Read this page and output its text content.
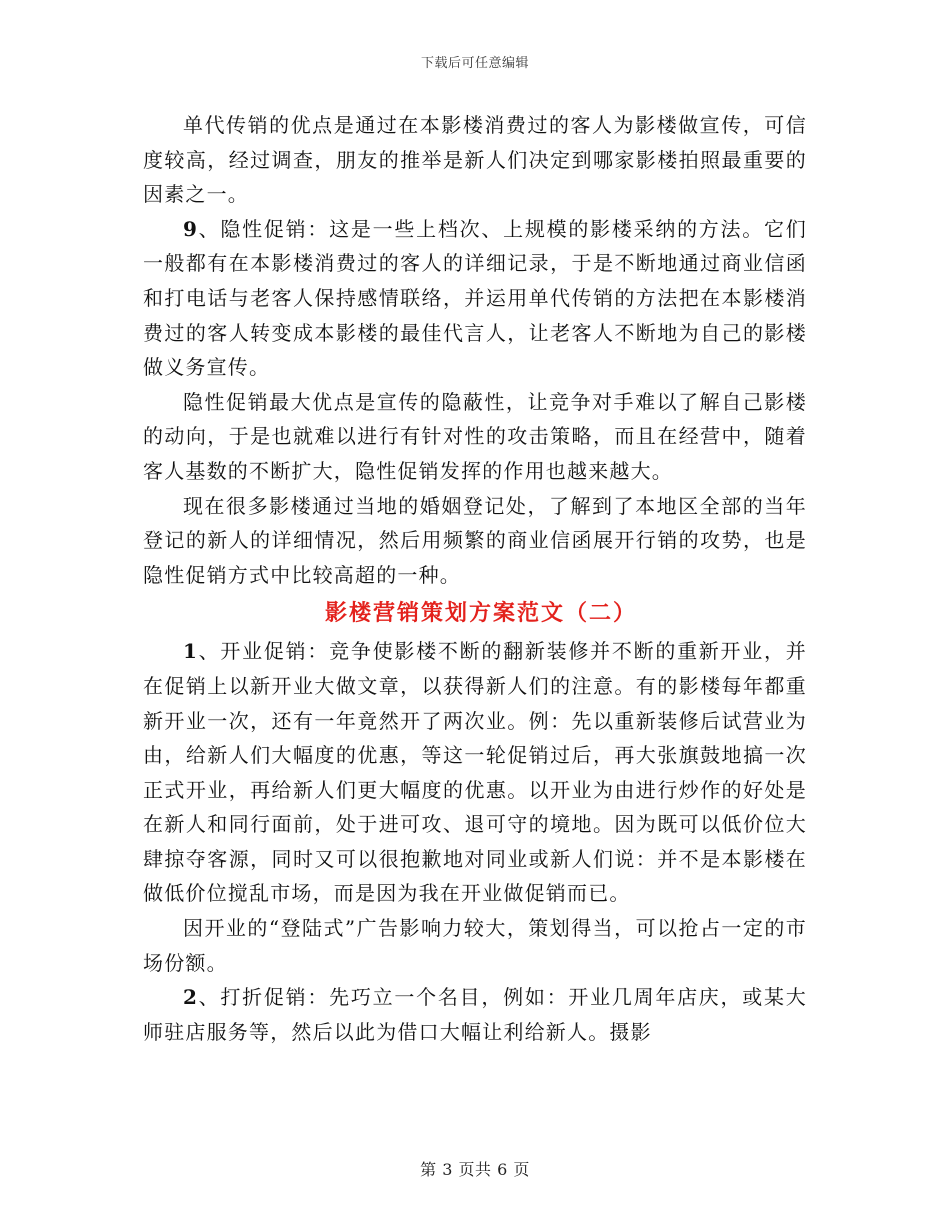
下载后可任意编辑

单代传销的优点是通过在本影楼消费过的客人为影楼做宣传，可信度较高，经过调查，朋友的推举是新人们决定到哪家影楼拍照最重要的因素之一。

9、隐性促销：这是一些上档次、上规模的影楼采纳的方法。它们一般都有在本影楼消费过的客人的详细记录，于是不断地通过商业信函和打电话与老客人保持感情联络，并运用单代传销的方法把在本影楼消费过的客人转变成本影楼的最佳代言人，让老客人不断地为自己的影楼做义务宣传。

隐性促销最大优点是宣传的隐蔽性，让竞争对手难以了解自己影楼的动向，于是也就难以进行有针对性的攻击策略，而且在经营中，随着客人基数的不断扩大，隐性促销发挥的作用也越来越大。

现在很多影楼通过当地的婚姻登记处，了解到了本地区全部的当年登记的新人的详细情况，然后用频繁的商业信函展开行销的攻势，也是隐性促销方式中比较高超的一种。

影楼营销策划方案范文（二）

1、开业促销：竞争使影楼不断的翻新装修并不断的重新开业，并在促销上以新开业大做文章，以获得新人们的注意。有的影楼每年都重新开业一次，还有一年竟然开了两次业。例：先以重新装修后试营业为由，给新人们大幅度的优惠，等这一轮促销过后，再大张旗鼓地搞一次正式开业，再给新人们更大幅度的优惠。以开业为由进行炒作的好处是在新人和同行面前，处于进可攻、退可守的境地。因为既可以低价位大肆掠夺客源，同时又可以很抱歉地对同业或新人们说：并不是本影楼在做低价位搅乱市场，而是因为我在开业做促销而已。

因开业的“登陆式”广告影响力较大，策划得当，可以抢占一定的市场份额。

2、打折促销：先巧立一个名目，例如：开业几周年店庆，或某大师驻店服务等，然后以此为借口大幅让利给新人。摄影

第 3 页共 6 页
